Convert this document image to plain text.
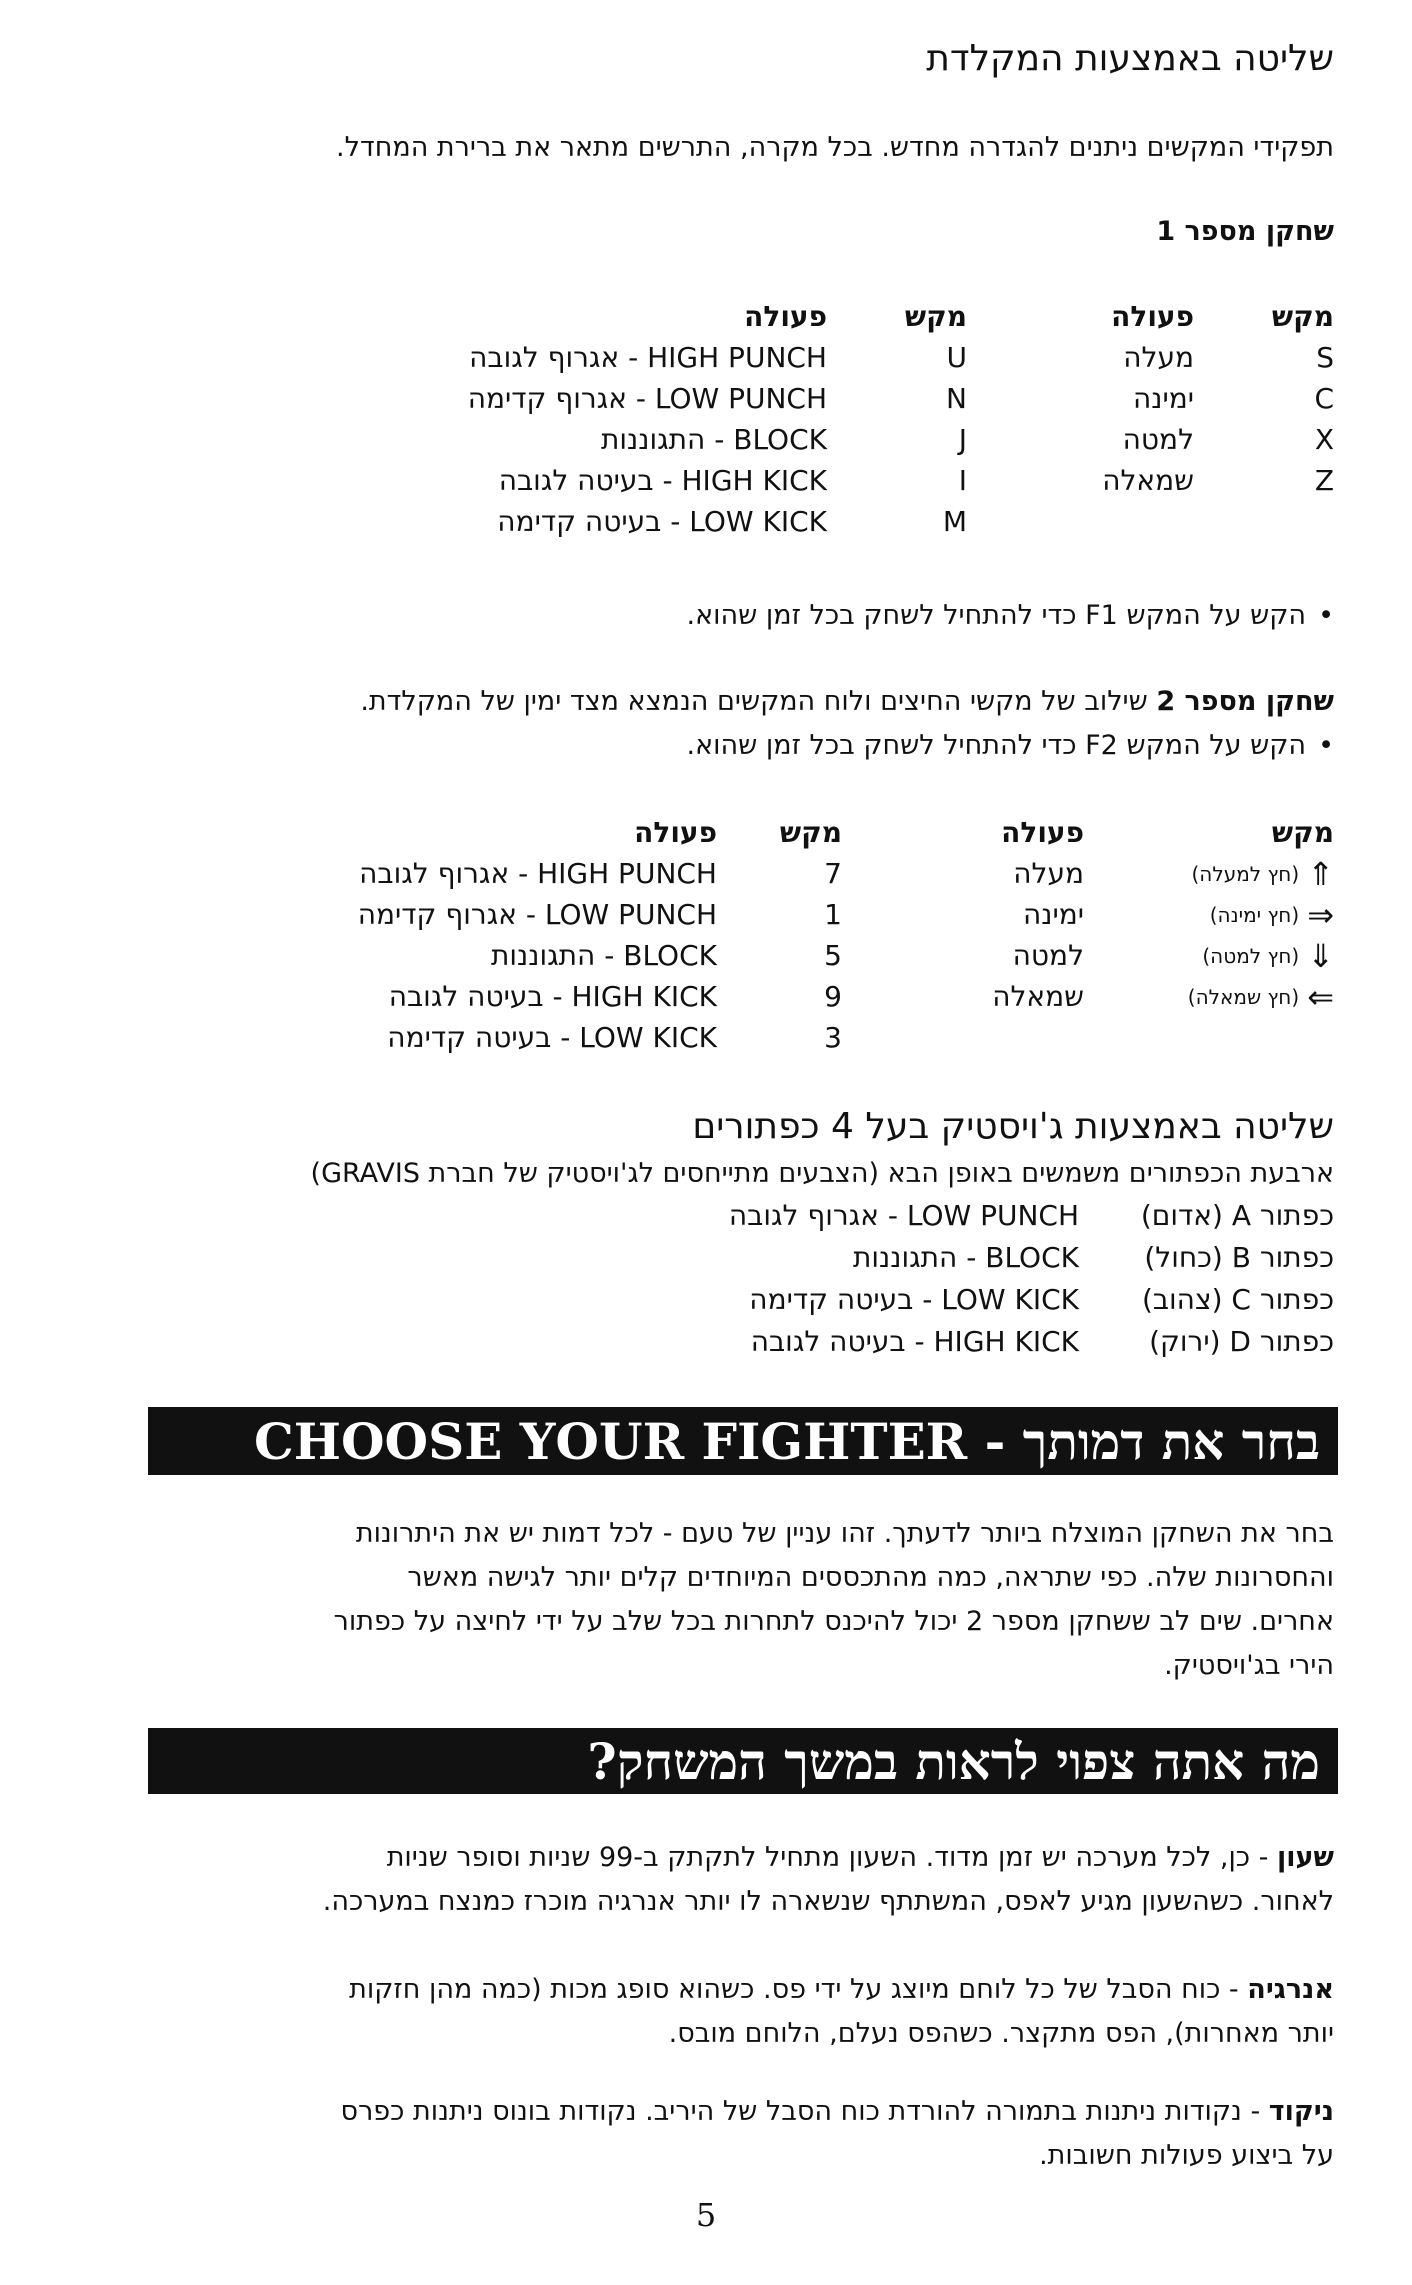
שליטה באמצעות המקלדת
תפקידי המקשים ניתנים להגדרה מחדש. בכל מקרה, התרשים מתאר את ברירת המחדל.
שחקן מספר 1
מקש
פעולה
S
מעלה
C
ימינה
X
למטה
Z
שמאלה
מקש
פעולה
U
HIGH PUNCH - אגרוף לגובה
N
LOW PUNCH - אגרוף קדימה
J
BLOCK - התגוננות
I
HIGH KICK - בעיטה לגובה
M
LOW KICK - בעיטה קדימה
• הקש על המקש F1 כדי להתחיל לשחק בכל זמן שהוא.
שחקן מספר 2 שילוב של מקשי החיצים ולוח המקשים הנמצא מצד ימין של המקלדת.
• הקש על המקש F2 כדי להתחיל לשחק בכל זמן שהוא.
מקש
פעולה
⇑
(חץ למעלה)
מעלה
⇒
(חץ ימינה)
ימינה
⇓
(חץ למטה)
למטה
⇐
(חץ שמאלה)
שמאלה
מקש
פעולה
7
HIGH PUNCH - אגרוף לגובה
1
LOW PUNCH - אגרוף קדימה
5
BLOCK - התגוננות
9
HIGH KICK - בעיטה לגובה
3
LOW KICK - בעיטה קדימה
שליטה באמצעות ג'ויסטיק בעל 4 כפתורים
ארבעת הכפתורים משמשים באופן הבא (הצבעים מתייחסים לג'ויסטיק של חברת GRAVIS)
כפתור A (אדום)
LOW PUNCH - אגרוף לגובה
כפתור B (כחול)
BLOCK - התגוננות
כפתור C (צהוב)
LOW KICK - בעיטה קדימה
כפתור D (ירוק)
HIGH KICK - בעיטה לגובה
בחר את דמותך - CHOOSE YOUR FIGHTER
בחר את השחקן המוצלח ביותר לדעתך. זהו עניין של טעם - לכל דמות יש את היתרונות
והחסרונות שלה. כפי שתראה, כמה מהתכססים המיוחדים קלים יותר לגישה מאשר
אחרים. שים לב ששחקן מספר 2 יכול להיכנס לתחרות בכל שלב על ידי לחיצה על כפתור
הירי בג'ויסטיק.
מה אתה צפוי לראות במשך המשחק?
שעון - כן, לכל מערכה יש זמן מדוד. השעון מתחיל לתקתק ב-99 שניות וסופר שניות
לאחור. כשהשעון מגיע לאפס, המשתתף שנשארה לו יותר אנרגיה מוכרז כמנצח במערכה.
אנרגיה - כוח הסבל של כל לוחם מיוצג על ידי פס. כשהוא סופג מכות (כמה מהן חזקות
יותר מאחרות), הפס מתקצר. כשהפס נעלם, הלוחם מובס.
ניקוד - נקודות ניתנות בתמורה להורדת כוח הסבל של היריב. נקודות בונוס ניתנות כפרס
על ביצוע פעולות חשובות.
5
